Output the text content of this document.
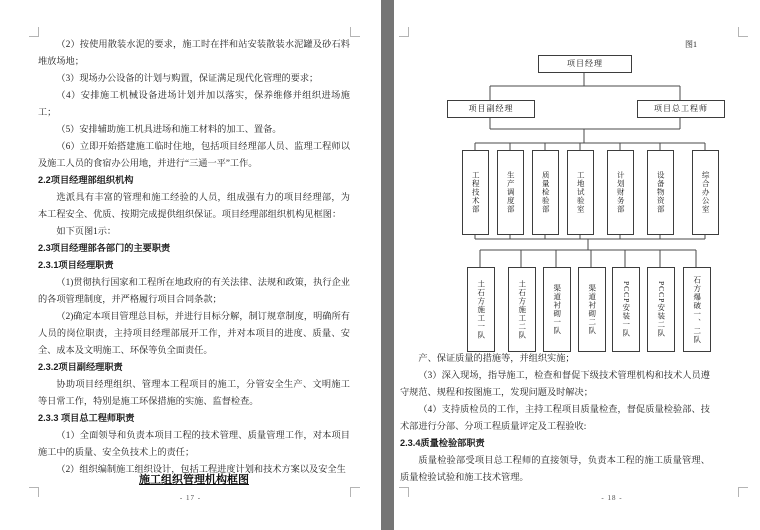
（2）按使用散装水泥的要求，施工时在拌和站安装散装水泥罐及砂石料堆放场地；

（3）现场办公设备的计划与购置，保证满足现代化管理的要求；

（4）安排施工机械设备进场计划并加以落实，保养维修并组织进场施工；

（5）安排辅助施工机具进场和施工材料的加工、置备。

（6）立即开始搭建施工临时住地，包括项目经理部人员、监理工程师以及施工人员的食宿办公用地，并进行“三通一平”工作。

2.2项目经理部组织机构

选派具有丰富的管理和施工经验的人员，组成强有力的项目经理部，为本工程安全、优质、按期完成提供组织保证。项目经理部组织机构见框图：

如下页图1示：

2.3项目经理部各部门的主要职责

2.3.1项目经理职责

（1)贯彻执行国家和工程所在地政府的有关法律、法规和政策，执行企业的各项管理制度，并严格履行项目合同条款；

（2)确定本项目管理总目标，并进行目标分解，制订规章制度，明确所有人员的岗位职责，主持项目经理部展开工作，并对本项目的进度、质量、安全、成本及文明施工、环保等负全面责任。

2.3.2项目副经理职责

协助项目经理组织、管理本工程项目的施工，分管安全生产、文明施工等日常工作，特别是施工环保措施的实施、监督检查。

2.3.3 项目总工程师职责

（1）全面领导和负责本项目工程的技术管理、质量管理工作，对本项目施工中的质量、安全负技术上的责任；

（2）组织编制施工组织设计，包括工程进度计划和技术方案以及安全生

施工组织管理机构框图
- 17 -
图1
项目经理
项目副经理	项目总工程师
工程技术部	生产调度部	质量检验部	工地试验室	计划财务部	设备物资部	综合办公室
土石方施工一队	土石方施工二队	渠道衬砌一队	渠道衬砌二队	PCCP安装一队	PCCP安装二队	石方爆破一、二队

产、保证质量的措施等，并组织实施；

（3）深入现场，指导施工，检查和督促下级技术管理机构和技术人员遵守规范、规程和按图施工，发现问题及时解决；

（4）支持质检员的工作，主持工程项目质量检查，督促质量检验部、技术部进行分部、分项工程质量评定及工程验收:

2.3.4质量检验部职责

质量检验部受项目总工程师的直接领导，负责本工程的施工质量管理、质量检验试验和施工技术管理。

- 18 -
